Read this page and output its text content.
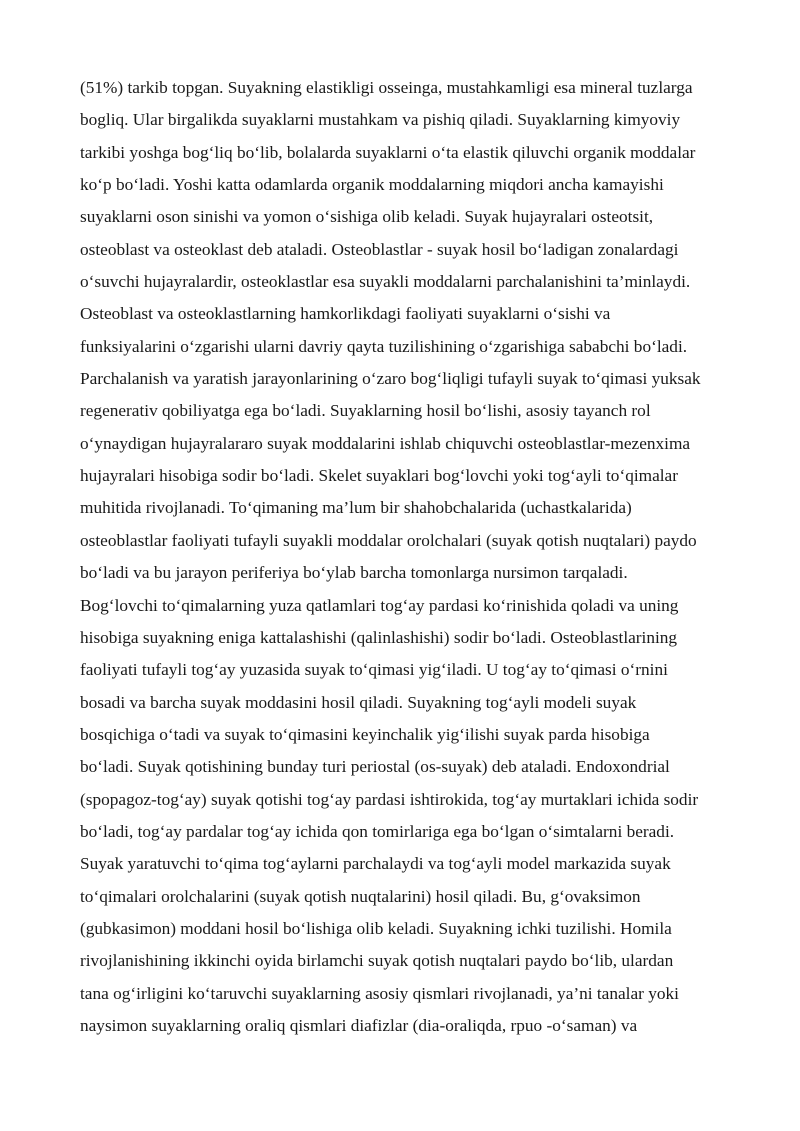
(51%) tarkib topgan. Suyakning elastikligi osseinga, mustahkamligi esa mineral tuzlarga
bogliq. Ular birgalikda suyaklarni mustahkam va pishiq qiladi. Suyaklarning kimyoviy
tarkibi yoshga bog‘liq bo‘lib, bolalarda suyaklarni o‘ta elastik qiluvchi organik moddalar
ko‘p bo‘ladi. Yoshi katta odamlarda organik moddalarning miqdori ancha kamayishi
suyaklarni oson sinishi va yomon o‘sishiga olib keladi. Suyak hujayralari osteotsit,
osteoblast va osteoklast deb ataladi. Osteoblastlar - suyak hosil bo‘ladigan zonalardagi
o‘suvchi hujayralardir, osteoklastlar esa suyakli moddalarni parchalanishini ta’minlaydi.
Osteoblast va osteoklastlarning hamkorlikdagi faoliyati suyaklarni o‘sishi va
funksiyalarini o‘zgarishi ularni davriy qayta tuzilishining o‘zgarishiga sababchi bo‘ladi.
Parchalanish va yaratish jarayonlarining o‘zaro bog‘liqligi tufayli suyak to‘qimasi yuksak
regenerativ qobiliyatga ega bo‘ladi. Suyaklarning hosil bo‘lishi, asosiy tayanch rol
o‘ynaydigan hujayralararo suyak moddalarini ishlab chiquvchi osteoblastlar-mezenxima
hujayralari hisobiga sodir bo‘ladi. Skelet suyaklari bog‘lovchi yoki tog‘ayli to‘qimalar
muhitida rivojlanadi. To‘qimaning ma’lum bir shahobchalarida (uchastkalarida)
osteoblastlar faoliyati tufayli suyakli moddalar orolchalari (suyak qotish nuqtalari) paydo
bo‘ladi va bu jarayon periferiya bo‘ylab barcha tomonlarga nursimon tarqaladi.
Bog‘lovchi to‘qimalarning yuza qatlamlari tog‘ay pardasi ko‘rinishida qoladi va uning
hisobiga suyakning eniga kattalashishi (qalinlashishi) sodir bo‘ladi. Osteoblastlarining
faoliyati tufayli tog‘ay yuzasida suyak to‘qimasi yig‘iladi. U tog‘ay to‘qimasi o‘rnini
bosadi va barcha suyak moddasini hosil qiladi. Suyakning tog‘ayli modeli suyak
bosqichiga o‘tadi va suyak to‘qimasini keyinchalik yig‘ilishi suyak parda hisobiga
bo‘ladi. Suyak qotishining bunday turi periostal (os-suyak) deb ataladi. Endoxondrial
(spopagoz-tog‘ay) suyak qotishi tog‘ay pardasi ishtirokida, tog‘ay murtaklari ichida sodir
bo‘ladi, tog‘ay pardalar tog‘ay ichida qon tomirlariga ega bo‘lgan o‘simtalarni beradi.
Suyak yaratuvchi to‘qima tog‘aylarni parchalaydi va tog‘ayli model markazida suyak
to‘qimalari orolchalarini (suyak qotish nuqtalarini) hosil qiladi. Bu, g‘ovaksimon
(gubkasimon) moddani hosil bo‘lishiga olib keladi. Suyakning ichki tuzilishi. Homila
rivojlanishining ikkinchi oyida birlamchi suyak qotish nuqtalari paydo bo‘lib, ulardan
tana og‘irligini ko‘taruvchi suyaklarning asosiy qismlari rivojlanadi, ya’ni tanalar yoki
naysimon suyaklarning oraliq qismlari diafizlar (dia-oraliqda, rpuo -o‘saman) va
